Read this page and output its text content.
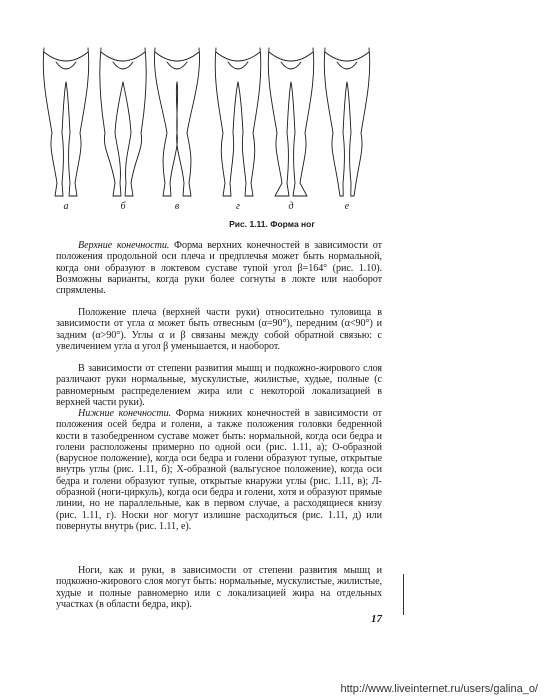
а	б	в	г	д	е
Рис. 1.11. Форма ног

Верхние конечности. Форма верхних конечностей в зависимости от положения продольной оси плеча и предплечья может быть нормальной, когда они образуют в локтевом суставе тупой угол β=164° (рис. 1.10). Возможны варианты, когда руки более согнуты в локте или наоборот спрямлены.

Положение плеча (верхней части руки) относительно туловища в зависимости от угла α может быть отвесным (α=90°), передним (α<90°) и задним (α>90°). Углы α и β связаны между собой обратной связью: с увеличением угла α угол β уменьшается, и наоборот.

В зависимости от степени развития мышц и подкожно-жирового слоя различают руки нормальные, мускулистые, жилистые, худые, полные (с равномерным распределением жира или с некоторой локализацией в верхней части руки).

Нижние конечности. Форма нижних конечностей в зависимости от положения осей бедра и голени, а также положения головки бедренной кости в тазобедренном суставе может быть: нормальной, когда оси бедра и голени расположены примерно по одной оси (рис. 1.11, а); О-образной (варусное положение), когда оси бедра и голени образуют тупые, открытые внутрь углы (рис. 1.11, б); Х-образной (вальгусное положение), когда оси бедра и голени образуют тупые, открытые кнаружи углы (рис. 1.11, в); Л-образной (ноги-циркуль), когда оси бедра и голени, хотя и образуют прямые линии, но не параллельные, как в первом случае, а расходящиеся книзу (рис. 1.11, г). Носки ног могут излишне расходиться (рис. 1.11, д) или повернуты внутрь (рис. 1.11, е).

Ноги, как и руки, в зависимости от степени развития мышц и подкожно-жирового слоя могут быть: нормальные, мускулистые, жилистые, худые и полные равномерно или с локализацией жира на отдельных участках (в области бедра, икр).

17
http://www.liveinternet.ru/users/galina_o/
